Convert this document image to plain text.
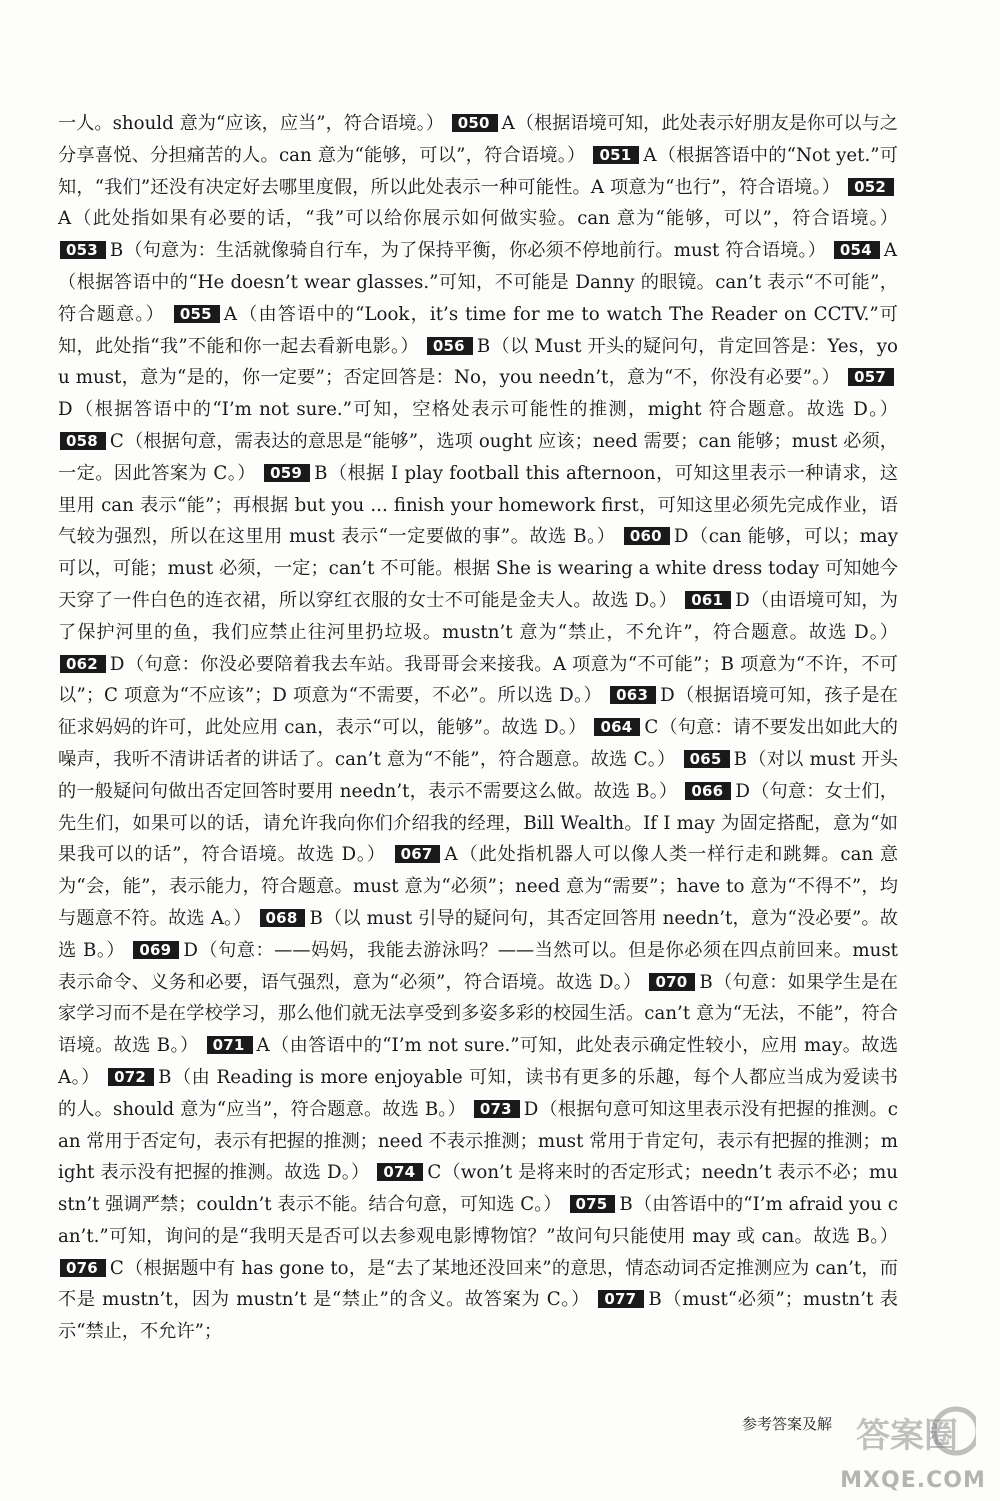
一人。should 意为“应该，应当”，符合语境。） 050 A（根据语境可知，此处表示好朋友是你可以与之分享喜悦、分担痛苦的人。can 意为“能够，可以”，符合语境。） 051 A（根据答语中的“Not yet.”可知，“我们”还没有决定好去哪里度假，所以此处表示一种可能性。A 项意为“也行”，符合语境。） 052A（此处指如果有必要的话，“我”可以给你展示如何做实验。can 意为“能够，可以”，符合语境。） 053 B（句意为：生活就像骑自行车，为了保持平衡，你必须不停地前行。must 符合语境。） 054 A（根据答语中的“He doesn’t wear glasses.”可知，不可能是 Danny 的眼镜。can’t 表示“不可能”，符合题意。） 055 A（由答语中的“Look，it’s time for me to watch The Reader on CCTV.”可知，此处指“我”不能和你一起去看新电影。） 056 B（以 Must 开头的疑问句，肯定回答是：Yes，you must，意为“是的，你一定要”；否定回答是：No，you needn’t，意为“不，你没有必要”。） 057D（根据答语中的“I’m not sure.”可知，空格处表示可能性的推测，might 符合题意。故选 D。） 058 C（根据句意，需表达的意思是“能够”，选项 ought 应该；need 需要；can 能够；must 必须，一定。因此答案为 C。） 059 B（根据 I play football this afternoon，可知这里表示一种请求，这里用 can 表示“能”；再根据 but you ... finish your homework first，可知这里必须先完成作业，语气较为强烈，所以在这里用 must 表示“一定要做的事”。故选 B。） 060 D（can 能够，可以；may 可以，可能；must 必须，一定；can’t 不可能。根据 She is wearing a white dress today 可知她今天穿了一件白色的连衣裙，所以穿红衣服的女士不可能是金夫人。故选 D。） 061 D（由语境可知，为了保护河里的鱼，我们应禁止往河里扔垃圾。mustn’t 意为“禁止，不允许”，符合题意。故选 D。） 062 D（句意：你没必要陪着我去车站。我哥哥会来接我。A 项意为“不可能”；B 项意为“不许，不可以”；C 项意为“不应该”；D 项意为“不需要，不必”。所以选 D。） 063 D（根据语境可知，孩子是在征求妈妈的许可，此处应用 can，表示“可以，能够”。故选 D。） 064 C（句意：请不要发出如此大的噪声，我听不清讲话者的讲话了。can’t 意为“不能”，符合题意。故选 C。） 065 B（对以 must 开头的一般疑问句做出否定回答时要用 needn’t，表示不需要这么做。故选 B。） 066 D（句意：女士们，先生们，如果可以的话，请允许我向你们介绍我的经理，Bill Wealth。If I may 为固定搭配，意为“如果我可以的话”，符合语境。故选 D。） 067 A（此处指机器人可以像人类一样行走和跳舞。can 意为“会，能”，表示能力，符合题意。must 意为“必须”；need 意为“需要”；have to 意为“不得不”，均与题意不符。故选 A。） 068 B（以 must 引导的疑问句，其否定回答用 needn’t，意为“没必要”。故选 B。） 069 D（句意：——妈妈，我能去游泳吗？——当然可以。但是你必须在四点前回来。must 表示命令、义务和必要，语气强烈，意为“必须”，符合语境。故选 D。） 070 B（句意：如果学生是在家学习而不是在学校学习，那么他们就无法享受到多姿多彩的校园生活。can’t 意为“无法，不能”，符合语境。故选 B。） 071 A（由答语中的“I’m not sure.”可知，此处表示确定性较小，应用 may。故选 A。） 072 B（由 Reading is more enjoyable 可知，读书有更多的乐趣，每个人都应当成为爱读书的人。should 意为“应当”，符合题意。故选 B。） 073 D（根据句意可知这里表示没有把握的推测。can 常用于否定句，表示有把握的推测；need 不表示推测；must 常用于肯定句，表示有把握的推测；might 表示没有把握的推测。故选 D。） 074 C（won’t 是将来时的否定形式；needn’t 表示不必；mustn’t 强调严禁；couldn’t 表示不能。结合句意，可知选 C。） 075 B（由答语中的“I’m afraid you can’t.”可知，询问的是“我明天是否可以去参观电影博物馆？”故问句只能使用 may 或 can。故选 B。） 076 C（根据题中有 has gone to，是“去了某地还没回来”的意思，情态动词否定推测应为 can’t，而不是 mustn’t，因为 mustn’t 是“禁止”的含义。故答案为 C。） 077 B（must“必须”；mustn’t 表示“禁止，不允许”；
参考答案及解 答案圈
MXQE.COM
